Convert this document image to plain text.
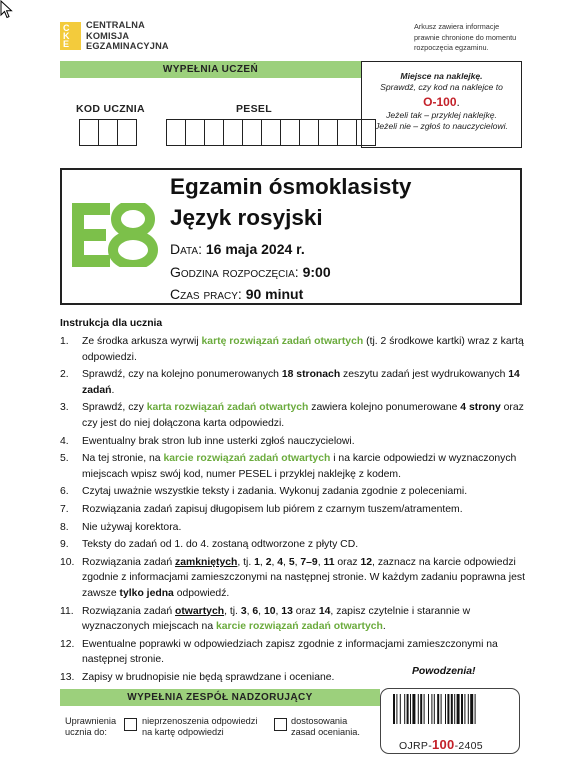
C
K
E
CENTRALNA
KOMISJA
EGZAMINACYJNA
Arkusz zawiera informacje
prawnie chronione do momentu
rozpoczęcia egzaminu.
WYPEŁNIA UCZEŃ
KOD UCZNIA	PESEL
Miejsce na naklejkę.
Sprawdź, czy kod na naklejce to
O-100.
Jeżeli tak – przyklej naklejkę.
Jeżeli nie – zgłoś to nauczycielowi.
Egzamin ósmoklasisty
Język rosyjski
Data: 16 maja 2024 r.
Godzina rozpoczęcia: 9:00
Czas pracy: 90 minut
Instrukcja dla ucznia
1.	Ze środka arkusza wyrwij kartę rozwiązań zadań otwartych (tj. 2 środkowe kartki) wraz z kartą odpowiedzi.
2.	Sprawdź, czy na kolejno ponumerowanych 18 stronach zeszytu zadań jest wydrukowanych 14 zadań.
3.	Sprawdź, czy karta rozwiązań zadań otwartych zawiera kolejno ponumerowane 4 strony oraz czy jest do niej dołączona karta odpowiedzi.
4.	Ewentualny brak stron lub inne usterki zgłoś nauczycielowi.
5.	Na tej stronie, na karcie rozwiązań zadań otwartych i na karcie odpowiedzi w wyznaczonych miejscach wpisz swój kod, numer PESEL i przyklej naklejkę z kodem.
6.	Czytaj uważnie wszystkie teksty i zadania. Wykonuj zadania zgodnie z poleceniami.
7.	Rozwiązania zadań zapisuj długopisem lub piórem z czarnym tuszem/atramentem.
8.	Nie używaj korektora.
9.	Teksty do zadań od 1. do 4. zostaną odtworzone z płyty CD.
10. Rozwiązania zadań zamkniętych, tj. 1, 2, 4, 5, 7–9, 11 oraz 12, zaznacz na karcie odpowiedzi zgodnie z informacjami zamieszczonymi na następnej stronie. W każdym zadaniu poprawna jest zawsze tylko jedna odpowiedź.
11. Rozwiązania zadań otwartych, tj. 3, 6, 10, 13 oraz 14, zapisz czytelnie i starannie w wyznaczonych miejscach na karcie rozwiązań zadań otwartych.
12. Ewentualne poprawki w odpowiedziach zapisz zgodnie z informacjami zamieszczonymi na następnej stronie.
13. Zapisy w brudnopisie nie będą sprawdzane i oceniane.
Powodzenia!
WYPEŁNIA ZESPÓŁ NADZORUJĄCY
Uprawnienia
ucznia do:
nieprzenoszenia odpowiedzi
na kartę odpowiedzi
dostosowania
zasad oceniania.
OJRP-100-2405
